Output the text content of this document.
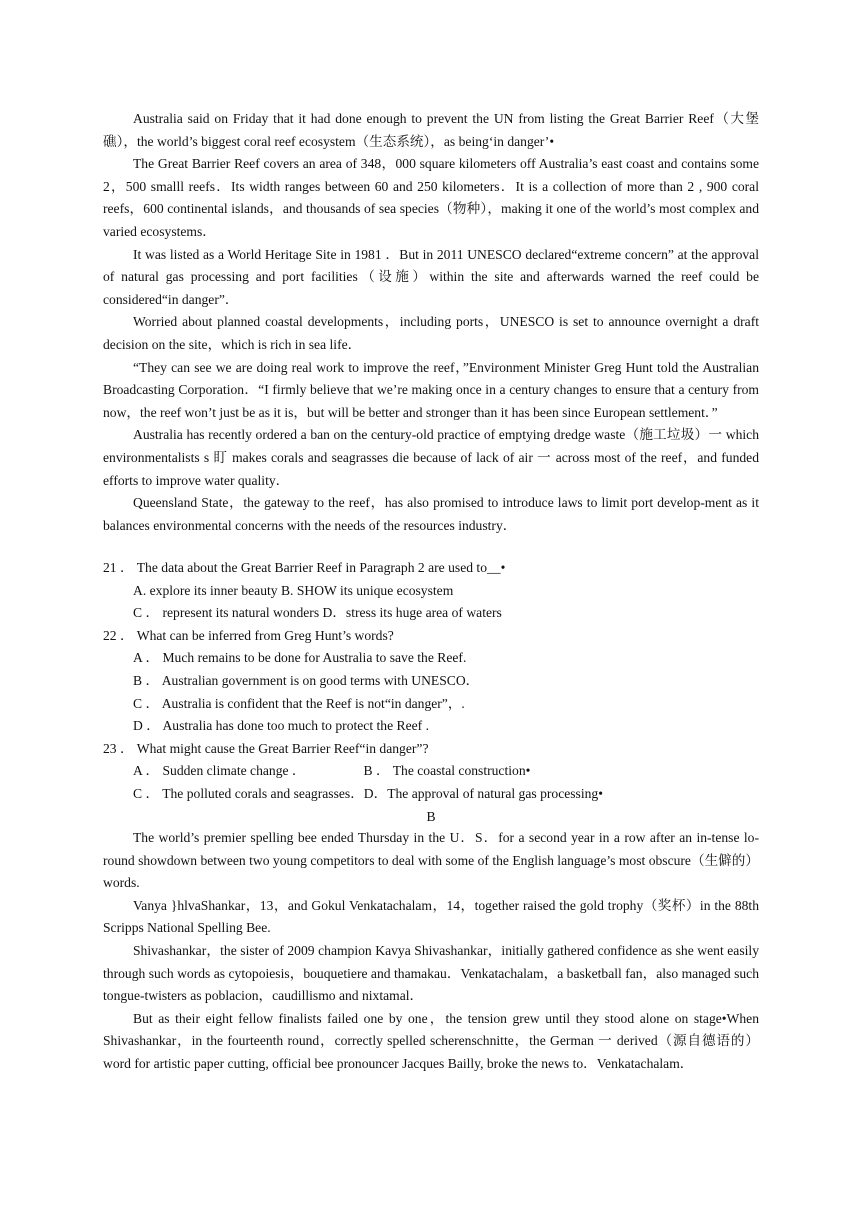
Australia said on Friday that it had done enough to prevent the UN from listing the Great Barrier Reef（大堡礁），the world’s biggest coral reef ecosystem（生态系统），as being‘in danger’•

The Great Barrier Reef covers an area of 348，000 square kilometers off Australia’s east coast and contains some 2，500 smalll reefs．Its width ranges between 60 and 250 kilometers．It is a collection of more than 2 , 900 coral reefs，600 continental islands，and thousands of sea species（物种），making it one of the world’s most complex and varied ecosystems．

It was listed as a World Heritage Site in 1981 ．But in 2011 UNESCO declared“extreme concern” at the approval of natural gas processing and port facilities（设施）within the site and afterwards warned the reef could be considered“in danger”．

Worried about planned coastal developments，including ports，UNESCO is set to announce overnight a draft decision on the site，which is rich in sea life．

“They can see we are doing real work to improve the reef，”Environment Minister Greg Hunt told the Australian Broadcasting Corporation．“I firmly believe that we’re making once in a century changes to ensure that a century from now，the reef won’t just be as it is，but will be better and stronger than it has been since European settlement．”

Australia has recently ordered a ban on the century-old practice of emptying dredge waste（施工垃圾）一 which environmentalists s 盯 makes corals and seagrasses die because of lack of air 一 across most of the reef，and funded efforts to improve water quality．

Queensland State，the gateway to the reef，has also promised to introduce laws to limit port develop-ment as it balances environmental concerns with the needs of the resources industry．

21 ． The data about the Great Barrier Reef in Paragraph 2 are used to__•

A. explore its inner beauty B. SHOW its unique ecosystem

C ． represent its natural wonders D．stress its huge area of waters

22 ． What can be inferred from Greg Hunt’s words?

A ． Much remains to be done for Australia to save the Reef.

B ． Australian government is on good terms with UNESCO．

C ． Australia is confident that the Reef is not“in danger”，.

D ． Australia has done too much to protect the Reef .

23 ． What might cause the Great Barrier Reef“in danger”?

A ． Sudden climate change ．	B ． The coastal construction•

C ． The polluted corals and seagrasses．D．The approval of natural gas processing•

B

The world’s premier spelling bee ended Thursday in the U．S．for a second year in a row after an in-tense lo-round showdown between two young competitors to deal with some of the English language’s most obscure（生僻的）words.

Vanya }hlvaShankar，13，and Gokul Venkatachalam，14，together raised the gold trophy（奖杯）in the 88th Scripps National Spelling Bee.

Shivashankar，the sister of 2009 champion Kavya Shivashankar，initially gathered confidence as she went easily through such words as cytopoiesis，bouquetiere and thamakau．Venkatachalam，a basketball fan，also managed such tongue-twisters as poblacion，caudillismo and nixtamal．

But as their eight fellow finalists failed one by one，the tension grew until they stood alone on stage•When Shivashankar，in the fourteenth round，correctly spelled scherenschnitte，the German 一 derived（源自德语的）word for artistic paper cutting, official bee pronouncer Jacques Bailly, broke the news to．Venkatachalam．
